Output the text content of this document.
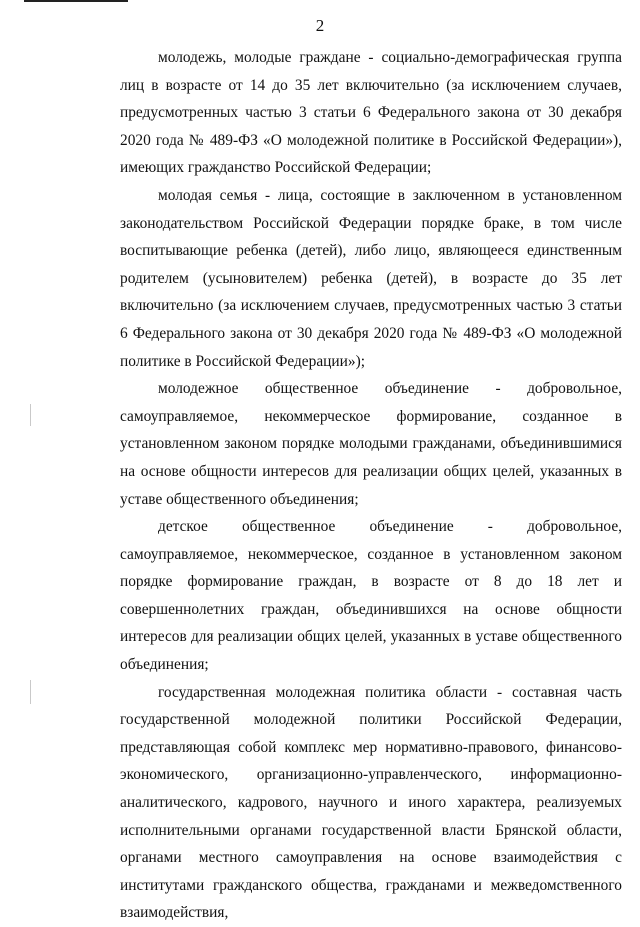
2

молодежь, молодые граждане - социально-демографическая группа лиц в возрасте от 14 до 35 лет включительно (за исключением случаев, предусмотренных частью 3 статьи 6 Федерального закона от 30 декабря 2020 года № 489-ФЗ «О молодежной политике в Российской Федерации»), имеющих гражданство Российской Федерации;

молодая семья - лица, состоящие в заключенном в установленном законодательством Российской Федерации порядке браке, в том числе воспитывающие ребенка (детей), либо лицо, являющееся единственным родителем (усыновителем) ребенка (детей), в возрасте до 35 лет включительно (за исключением случаев, предусмотренных частью 3 статьи 6 Федерального закона от 30 декабря 2020 года № 489-ФЗ «О молодежной политике в Российской Федерации»);

молодежное общественное объединение - добровольное, самоуправляемое, некоммерческое формирование, созданное в установленном законом порядке молодыми гражданами, объединившимися на основе общности интересов для реализации общих целей, указанных в уставе общественного объединения;

детское общественное объединение - добровольное, самоуправляемое, некоммерческое, созданное в установленном законом порядке формирование граждан, в возрасте от 8 до 18 лет и совершеннолетних граждан, объединившихся на основе общности интересов для реализации общих целей, указанных в уставе общественного объединения;

государственная молодежная политика области - составная часть государственной молодежной политики Российской Федерации, представляющая собой комплекс мер нормативно-правового, финансово-экономического, организационно-управленческого, информационно-аналитического, кадрового, научного и иного характера, реализуемых исполнительными органами государственной власти Брянской области, органами местного самоуправления на основе взаимодействия с институтами гражданского общества, гражданами и межведомственного взаимодействия,
